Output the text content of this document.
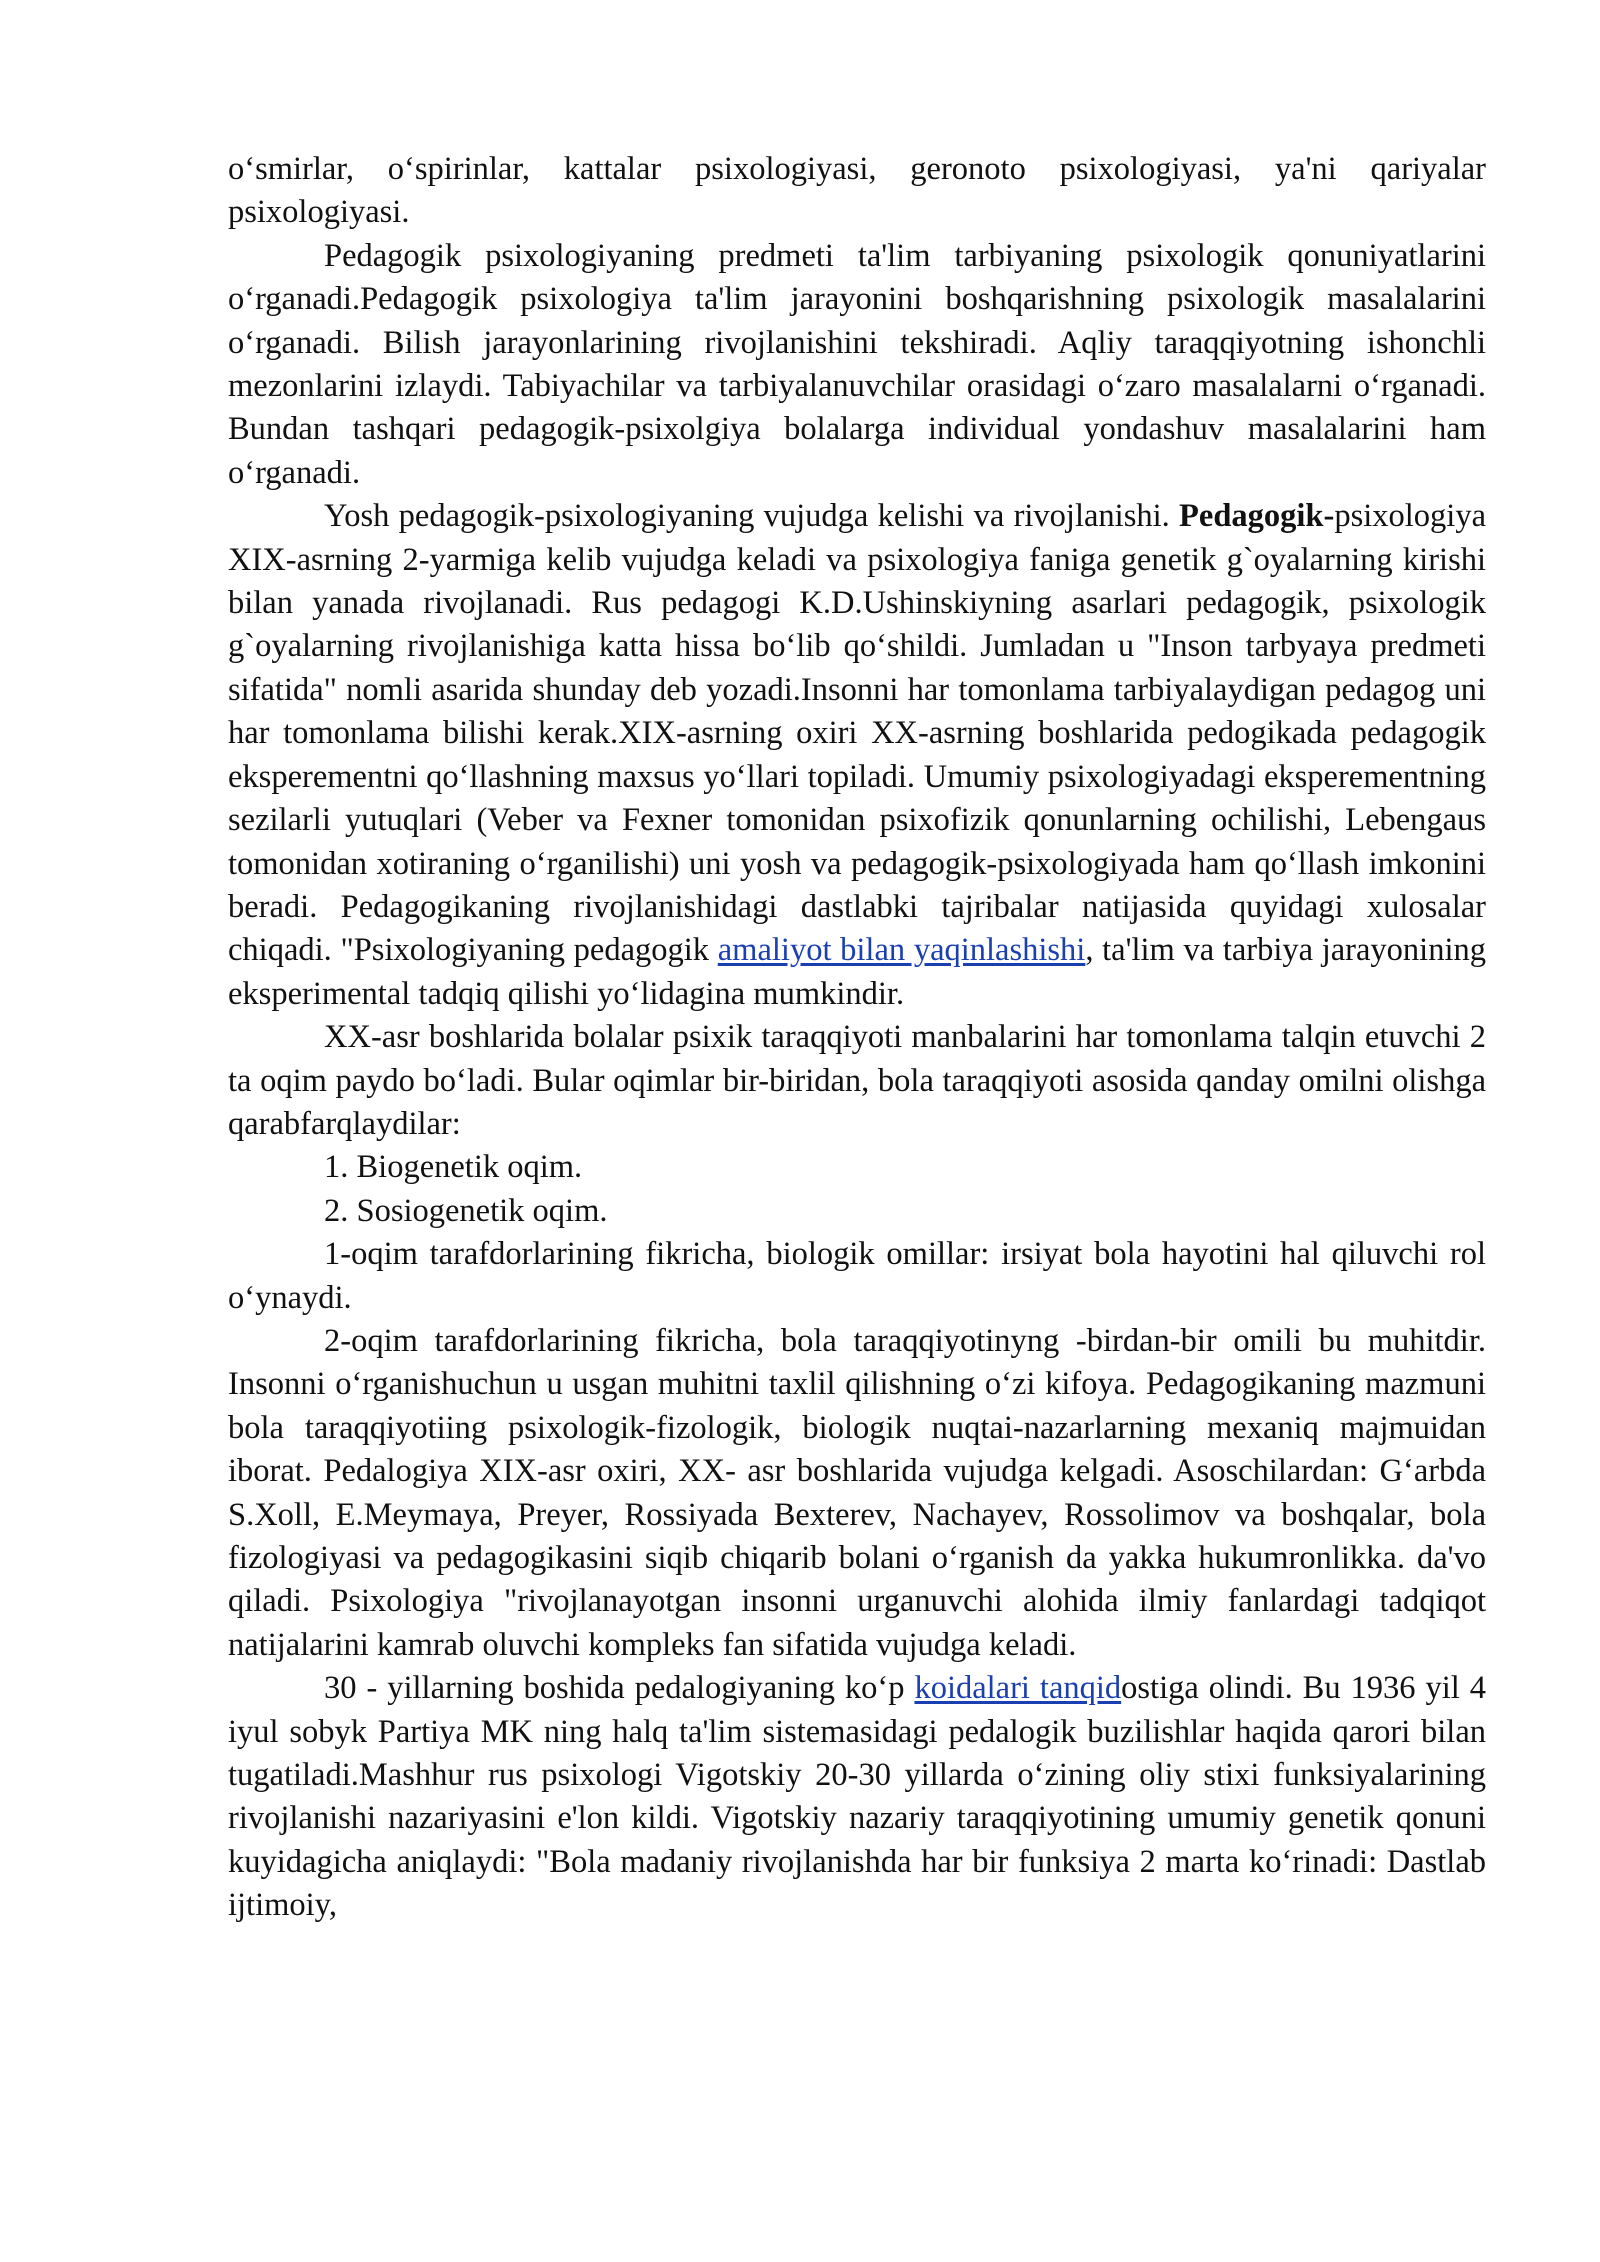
o‘smirlar, o‘spirinlar, kattalar psixologiyasi, geronoto psixologiyasi, ya'ni qariyalar psixologiyasi.

Pedagogik psixologiyaning predmeti ta'lim tarbiyaning psixologik qonuniyatlarini o‘rganadi.Pedagogik psixologiya ta'lim jarayonini boshqarishning psixologik masalalarini o‘rganadi. Bilish jarayonlarining rivojlanishini tekshiradi. Aqliy taraqqiyotning ishonchli mezonlarini izlaydi. Tabiyachilar va tarbiyalanuvchilar orasidagi o‘zaro masalalarni o‘rganadi. Bundan tashqari pedagogik-psixolgiya bolalarga individual yondashuv masalalarini ham o‘rganadi.

Yosh pedagogik-psixologiyaning vujudga kelishi va rivojlanishi. Pedagogik-psixologiya XIX-asrning 2-yarmiga kelib vujudga keladi va psixologiya faniga genetik g`oyalarning kirishi bilan yanada rivojlanadi. Rus pedagogi K.D.Ushinskiyning asarlari pedagogik, psixologik g`oyalarning rivojlanishiga katta hissa bo‘lib qo‘shildi. Jumladan u "Inson tarbyaya predmeti sifatida" nomli asarida shunday deb yozadi.Insonni har tomonlama tarbiyalaydigan pedagog uni har tomonlama bilishi kerak.XIX-asrning oxiri XX-asrning boshlarida pedogikada pedagogik eksperementni qo‘llashning maxsus yo‘llari topiladi. Umumiy psixologiyadagi eksperementning sezilarli yutuqlari (Veber va Fexner tomonidan psixofizik qonunlarning ochilishi, Lebengaus tomonidan xotiraning o‘rganilishi) uni yosh va pedagogik-psixologiyada ham qo‘llash imkonini beradi. Pedagogikaning rivojlanishidagi dastlabki tajribalar natijasida quyidagi xulosalar chiqadi. "Psixologiyaning pedagogik amaliyot bilan yaqinlashishi, ta'lim va tarbiya jarayonining eksperimental tadqiq qilishi yo‘lidagina mumkindir.

XX-asr boshlarida bolalar psixik taraqqiyoti manbalarini har tomonlama talqin etuvchi 2 ta oqim paydo bo‘ladi. Bular oqimlar bir-biridan, bola taraqqiyoti asosida qanday omilni olishga qarabfarqlaydilar:

1. Biogenetik oqim.

2. Sosiogenetik oqim.

1-oqim tarafdorlarining fikricha, biologik omillar: irsiyat bola hayotini hal qiluvchi rol o‘ynaydi.

2-oqim tarafdorlarining fikricha, bola taraqqiyotinyng -birdan-bir omili bu muhitdir. Insonni o‘rganishuchun u usgan muhitni taxlil qilishning o‘zi kifoya. Pedagogikaning mazmuni bola taraqqiyotiing psixologik-fizologik, biologik nuqtai-nazarlarning mexaniq majmuidan iborat. Pedalogiya XIX-asr oxiri, XX- asr boshlarida vujudga kelgadi. Asoschilardan: G‘arbda S.Xoll, E.Meymaya, Preyer, Rossiyada Bexterev, Nachayev, Rossolimov va boshqalar, bola fizologiyasi va pedagogikasini siqib chiqarib bolani o‘rganish da yakka hukumronlikka. da'vo qiladi. Psixologiya "rivojlanayotgan insonni urganuvchi alohida ilmiy fanlardagi tadqiqot natijalarini kamrab oluvchi kompleks fan sifatida vujudga keladi.

30 - yillarning boshida pedalogiyaning ko‘p koidalari tanqidostiga olindi. Bu 1936 yil 4 iyul sobyk Partiya MK ning halq ta'lim sistemasidagi pedalogik buzilishlar haqida qarori bilan tugatiladi.Mashhur rus psixologi Vigotskiy 20-30 yillarda o‘zining oliy stixi funksiyalarining rivojlanishi nazariyasini e'lon kildi. Vigotskiy nazariy taraqqiyotining umumiy genetik qonuni kuyidagicha aniqlaydi: "Bola madaniy rivojlanishda har bir funksiya 2 marta ko‘rinadi: Dastlab ijtimoiy,
